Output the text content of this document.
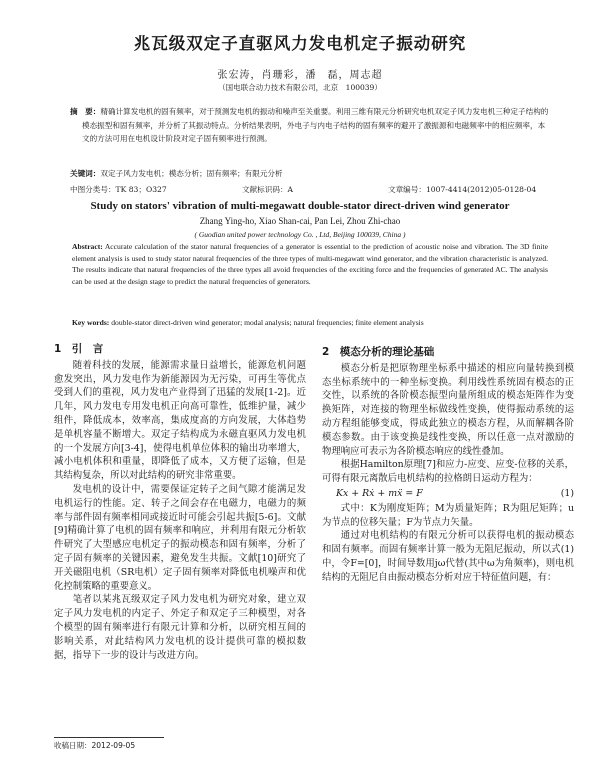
兆瓦级双定子直驱风力发电机定子振动研究
张宏涛，肖珊彩，潘　磊，周志超
（国电联合动力技术有限公司，北京　100039）
摘　要：精确计算发电机的固有频率，对于预测发电机的振动和噪声至关重要。利用三维有限元分析研究电机双定子风力发电机三种定子结构的模态振型和固有频率，并分析了其振动特点。分析结果表明，外电子与内电子结构的固有频率的避开了激振源和电磁频率中的相应频率，本文的方法可用在电机设计阶段对定子固有频率进行预测。
关键词：双定子风力发电机；模态分析；固有频率；有限元分析
中图分类号：TK 83；O327	文献标识码：A	文章编号：1007-4414(2012)05-0128-04
Study on stators' vibration of multi-megawatt double-stator direct-driven wind generator
Zhang Ying-ho, Xiao Shan-cai, Pan Lei, Zhou Zhi-chao
( Guodian united power technology Co. , Ltd, Beijing 100039, China )
Abstract: Accurate calculation of the stator natural frequencies of a generator is essential to the prediction of acoustic noise and vibration. The 3D finite element analysis is used to study stator natural frequencies of the three types of multi-megawatt wind generator, and the vibration characteristic is analyzed. The results indicate that natural frequencies of the three types all avoid frequencies of the exciting force and the frequencies of generated AC. The analysis can be used at the design stage to predict the natural frequencies of generators.
Key words: double-stator direct-driven wind generator; modal analysis; natural frequencies; finite element analysis
1　引　言

随着科技的发展，能源需求量日益增长，能源危机问题愈发突出，风力发电作为新能源因为无污染，可再生等优点受到人们的重视，风力发电产业得到了迅猛的发展[1-2]。近几年，风力发电专用发电机正向高可靠性，低维护量，减少组件，降低成本，效率高，集成度高的方向发展，大体趋势是单机容量不断增大。双定子结构成为永磁直驱风力发电机的一个发展方向[3-4]，使得电机单位体积的输出功率增大，减小电机体积和重量，即降低了成本，又方便了运输，但是其结构复杂，所以对此结构的研究非常重要。

发电机的设计中，需要保证定转子之间气隙才能满足发电机运行的性能。定、转子之间会存在电磁力，电磁力的频率与部件固有频率相同或接近时可能会引起共振[5-6]。文献[9]精确计算了电机的固有频率和响应，并利用有限元分析软件研究了大型感应电机定子的振动模态和固有频率，分析了定子固有频率的关键因素，避免发生共振。文献[10]研究了开关磁阻电机（SR电机）定子固有频率对降低电机噪声和优化控制策略的重要意义。

笔者以某兆瓦级双定子风力发电机为研究对象，建立双定子风力发电机的内定子、外定子和双定子三种模型，对各个模型的固有频率进行有限元计算和分析，以研究相互间的影响关系，对此结构风力发电机的设计提供可靠的模拟数据，指导下一步的设计与改进方向。

2　模态分析的理论基础

模态分析是把原物理坐标系中描述的相应向量转换到模态坐标系统中的一种坐标变换。利用线性系统固有模态的正交性，以系统的各阶模态振型向量所组成的模态矩阵作为变换矩阵，对连接的物理坐标做线性变换，使得振动系统的运动方程组能够变成，得成此独立的模态方程，从而解耦各阶模态参数。由于该变换是线性变换，所以任意一点对激励的物理响应可表示为各阶模态响应的线性叠加。

根据Hamilton原理[7]和应力-应变、应变-位移的关系，可得有限元离散后电机结构的拉格朗日运动方程为：

Kx + Rẋ + mẍ = F	(1)

式中：K为刚度矩阵；M为质量矩阵；R为阻尼矩阵；u为节点的位移矢量；F为节点力矢量。

通过对电机结构的有限元分析可以获得电机的振动模态和固有频率。而固有频率计算一般为无阻尼振动，所以式(1)中，令F=[0]，时间导数用jω代替(其中ω为角频率)，则电机结构的无阻尼自由振动模态分析对应于特征值问题，有：

收稿日期：2012-09-05
